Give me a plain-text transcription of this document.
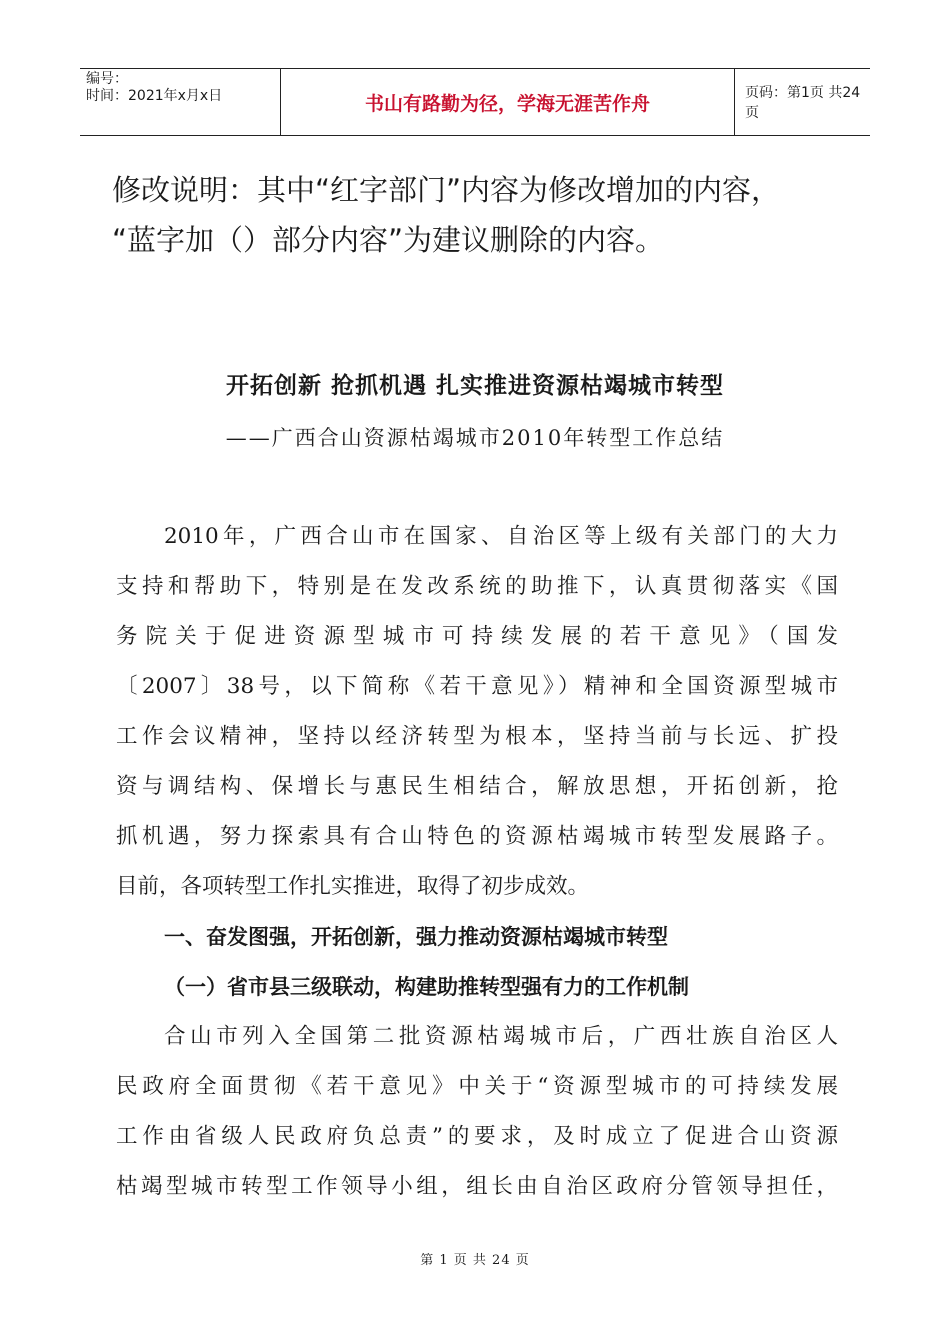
编号：
时间：2021年x月x日	书山有路勤为径，学海无涯苦作舟	页码：第1页 共24页
修改说明：其中“红字部门”内容为修改增加的内容，
“蓝字加（）部分内容”为建议删除的内容。
开拓创新 抢抓机遇 扎实推进资源枯竭城市转型
——广西合山资源枯竭城市2010年转型工作总结
2010年，广西合山市在国家、自治区等上级有关部门的大力
支持和帮助下，特别是在发改系统的助推下，认真贯彻落实《国
务院关于促进资源型城市可持续发展的若干意见》（国发
〔2007〕38号，以下简称《若干意见》）精神和全国资源型城市
工作会议精神，坚持以经济转型为根本，坚持当前与长远、扩投
资与调结构、保增长与惠民生相结合，解放思想，开拓创新，抢
抓机遇，努力探索具有合山特色的资源枯竭城市转型发展路子。
目前，各项转型工作扎实推进，取得了初步成效。
一、奋发图强，开拓创新，强力推动资源枯竭城市转型
（一）省市县三级联动，构建助推转型强有力的工作机制
合山市列入全国第二批资源枯竭城市后，广西壮族自治区人
民政府全面贯彻《若干意见》中关于“资源型城市的可持续发展
工作由省级人民政府负总责”的要求，及时成立了促进合山资源
枯竭型城市转型工作领导小组，组长由自治区政府分管领导担任，
第 1 页 共 24 页
